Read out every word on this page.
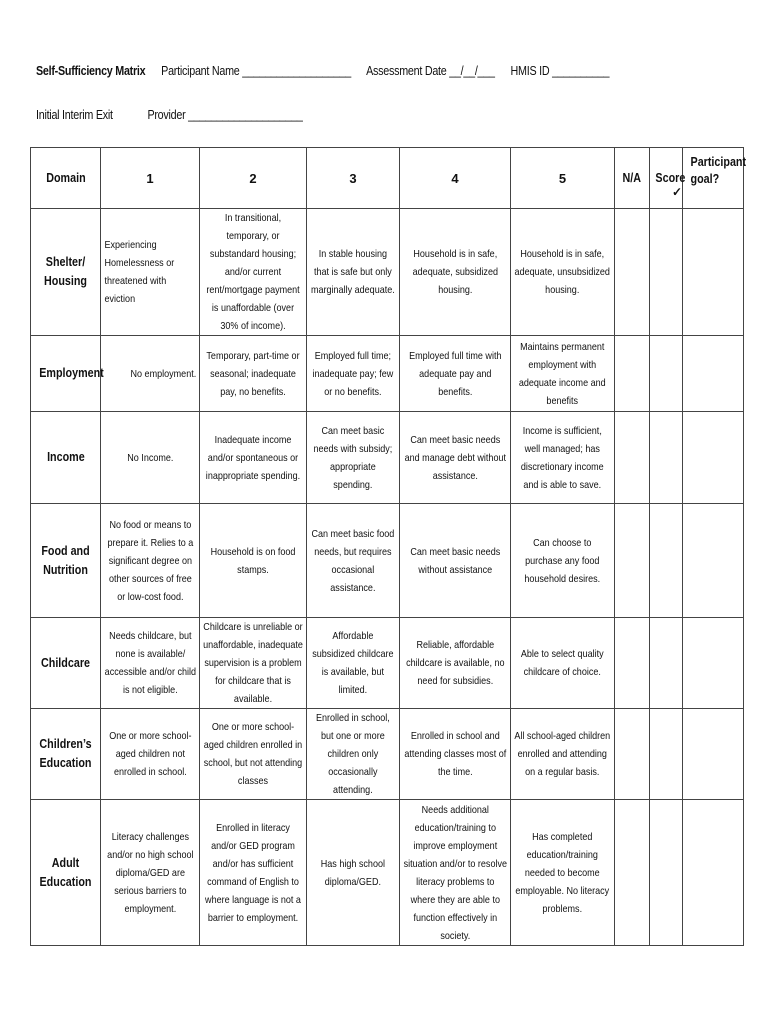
Self-Sufficiency Matrix Participant Name ___________________ Assessment Date __/__/___ HMIS ID __________
Initial Interim Exit	Provider ____________________
Domain	1	2	3	4	5	N/A	Score	Participant goal? ✓
Shelter/ Housing	Experiencing Homelessness or threatened with eviction	In transitional, temporary, or substandard housing; and/or current rent/mortgage payment is unaffordable (over 30% of income).	In stable housing that is safe but only marginally adequate.	Household is in safe, adequate, subsidized housing.	Household is in safe, adequate, unsubsidized housing.			
Employment	No employment.	Temporary, part-time or seasonal; inadequate pay, no benefits.	Employed full time; inadequate pay; few or no benefits.	Employed full time with adequate pay and benefits.	Maintains permanent employment with adequate income and benefits			
Income	No Income.	Inadequate income and/or spontaneous or inappropriate spending.	Can meet basic needs with subsidy; appropriate spending.	Can meet basic needs and manage debt without assistance.	Income is sufficient, well managed; has discretionary income and is able to save.			
Food and Nutrition	No food or means to prepare it. Relies to a significant degree on other sources of free or low-cost food.	Household is on food stamps.	Can meet basic food needs, but requires occasional assistance.	Can meet basic needs without assistance	Can choose to purchase any food household desires.			
Childcare	Needs childcare, but none is available/ accessible and/or child is not eligible.	Childcare is unreliable or unaffordable, inadequate supervision is a problem for childcare that is available.	Affordable subsidized childcare is available, but limited.	Reliable, affordable childcare is available, no need for subsidies.	Able to select quality childcare of choice.			
Children’s Education	One or more school-aged children not enrolled in school.	One or more school-aged children enrolled in school, but not attending classes	Enrolled in school, but one or more children only occasionally attending.	Enrolled in school and attending classes most of the time.	All school-aged children enrolled and attending on a regular basis.			
Adult Education	Literacy challenges and/or no high school diploma/GED are serious barriers to employment.	Enrolled in literacy and/or GED program and/or has sufficient command of English to where language is not a barrier to employment.	Has high school diploma/GED.	Needs additional education/training to improve employment situation and/or to resolve literacy problems to where they are able to function effectively in society.	Has completed education/training needed to become employable. No literacy problems.			
